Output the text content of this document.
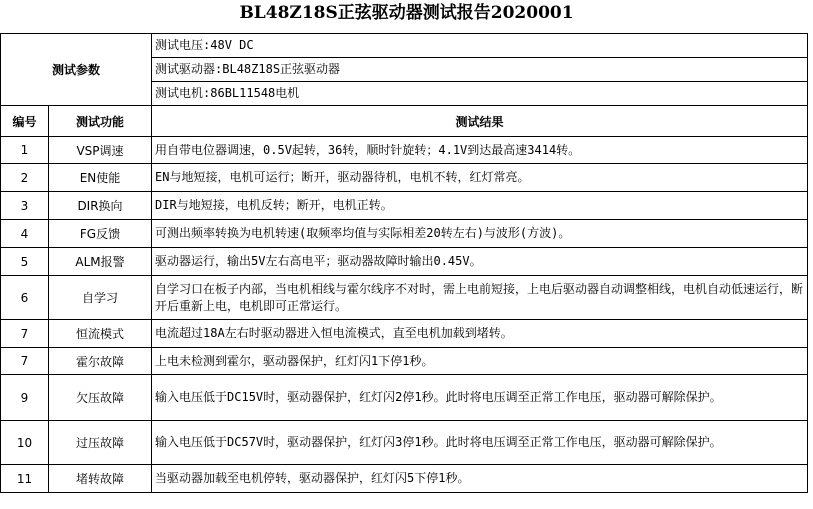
BL48Z18S正弦驱动器测试报告2020001
测试参数		测试电压:48V DC
		测试驱动器:BL48Z18S正弦驱动器
		测试电机:86BL11548电机
编号	测试功能	测试结果
1	VSP调速	用自带电位器调速，0.5V起转，36转，顺时针旋转；4.1V到达最高速3414转。
2	EN使能	EN与地短接，电机可运行；断开，驱动器待机，电机不转，红灯常亮。
3	DIR换向	DIR与地短接，电机反转；断开，电机正转。
4	FG反馈	可测出频率转换为电机转速(取频率均值与实际相差20转左右)与波形(方波)。
5	ALM报警	驱动器运行，输出5V左右高电平；驱动器故障时输出0.45V。
6	自学习	自学习口在板子内部，当电机相线与霍尔线序不对时，需上电前短接，上电后驱动器自动调整相线，电机自动低速运行，断开后重新上电，电机即可正常运行。
7	恒流模式	电流超过18A左右时驱动器进入恒电流模式，直至电机加载到堵转。
7	霍尔故障	上电未检测到霍尔，驱动器保护，红灯闪1下停1秒。
9	欠压故障	输入电压低于DC15V时，驱动器保护，红灯闪2停1秒。此时将电压调至正常工作电压，驱动器可解除保护。
10	过压故障	输入电压低于DC57V时，驱动器保护，红灯闪3停1秒。此时将电压调至正常工作电压，驱动器可解除保护。
11	堵转故障	当驱动器加载至电机停转，驱动器保护，红灯闪5下停1秒。
